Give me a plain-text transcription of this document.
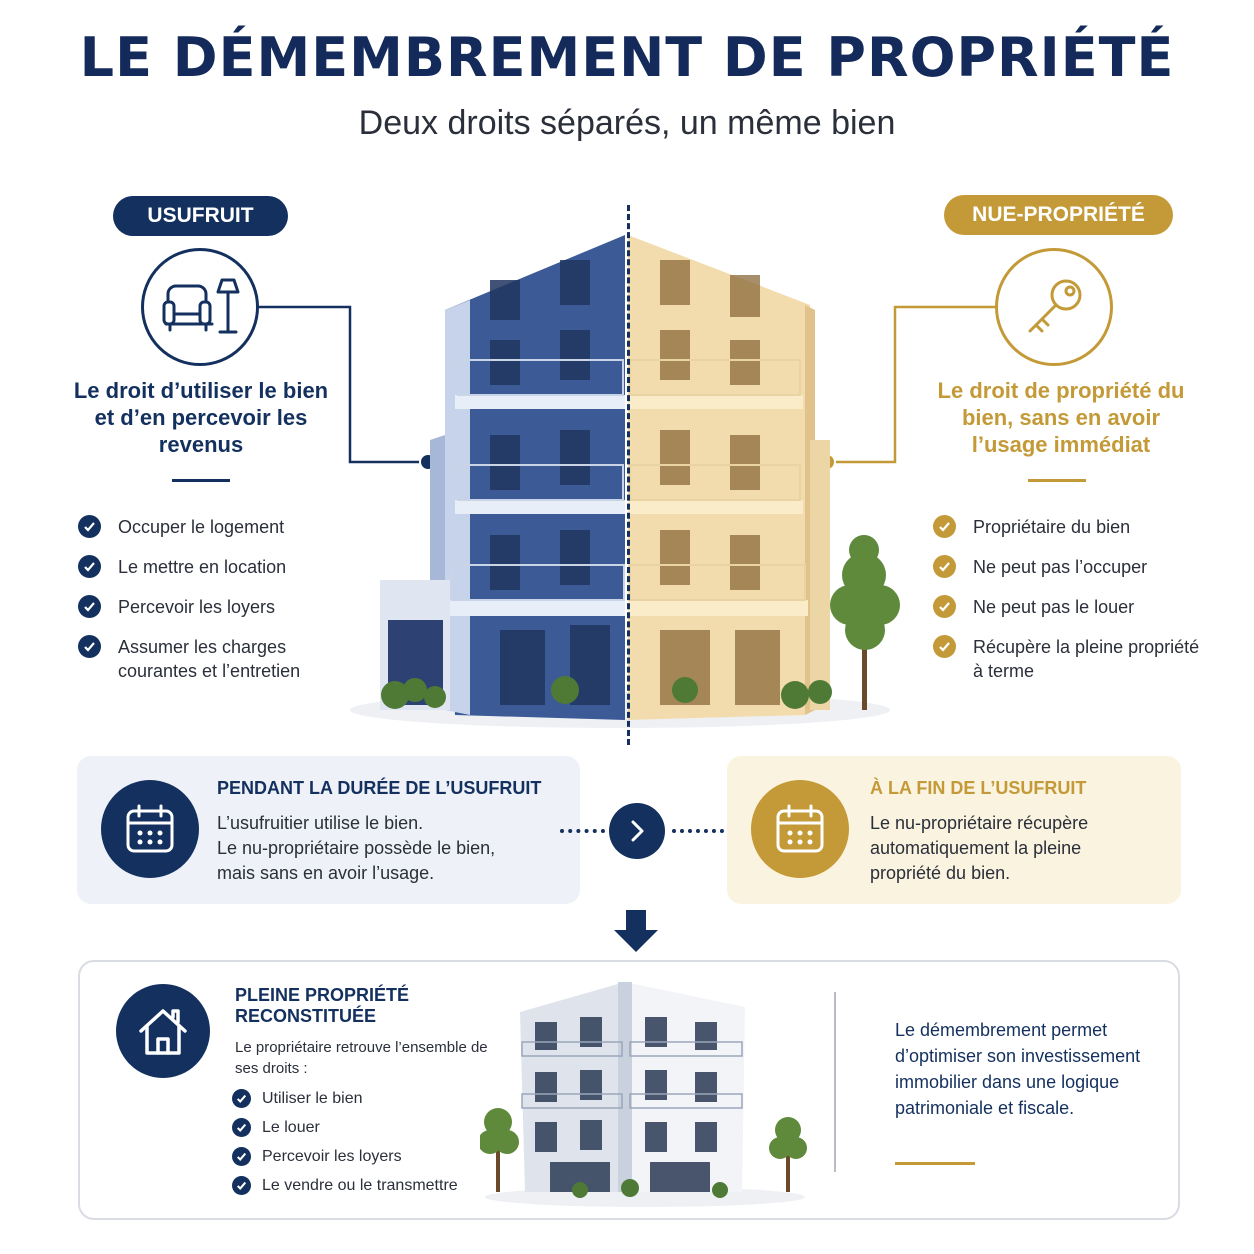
LE DÉMEMBREMENT DE PROPRIÉTÉ
Deux droits séparés, un même bien
USUFRUIT
Le droit d’utiliser le bien et d’en percevoir les revenus
Occuper le logement
Le mettre en location
Percevoir les loyers
Assumer les charges courantes et l’entretien
NUE-PROPRIÉTÉ
Le droit de propriété du bien, sans en avoir l’usage immédiat
Propriétaire du bien
Ne peut pas l’occuper
Ne peut pas le louer
Récupère la pleine propriété à terme
PENDANT LA DURÉE DE L’USUFRUIT
L’usufruitier utilise le bien.
Le nu-propriétaire possède le bien,
mais sans en avoir l’usage.
À LA FIN DE L’USUFRUIT
Le nu-propriétaire récupère
automatiquement la pleine
propriété du bien.
PLEINE PROPRIÉTÉ
RECONSTITUÉE
Le propriétaire retrouve l’ensemble de ses droits :
Utiliser le bien
Le louer
Percevoir les loyers
Le vendre ou le transmettre
Le démembrement permet d’optimiser son investissement immobilier dans une logique patrimoniale et fiscale.
